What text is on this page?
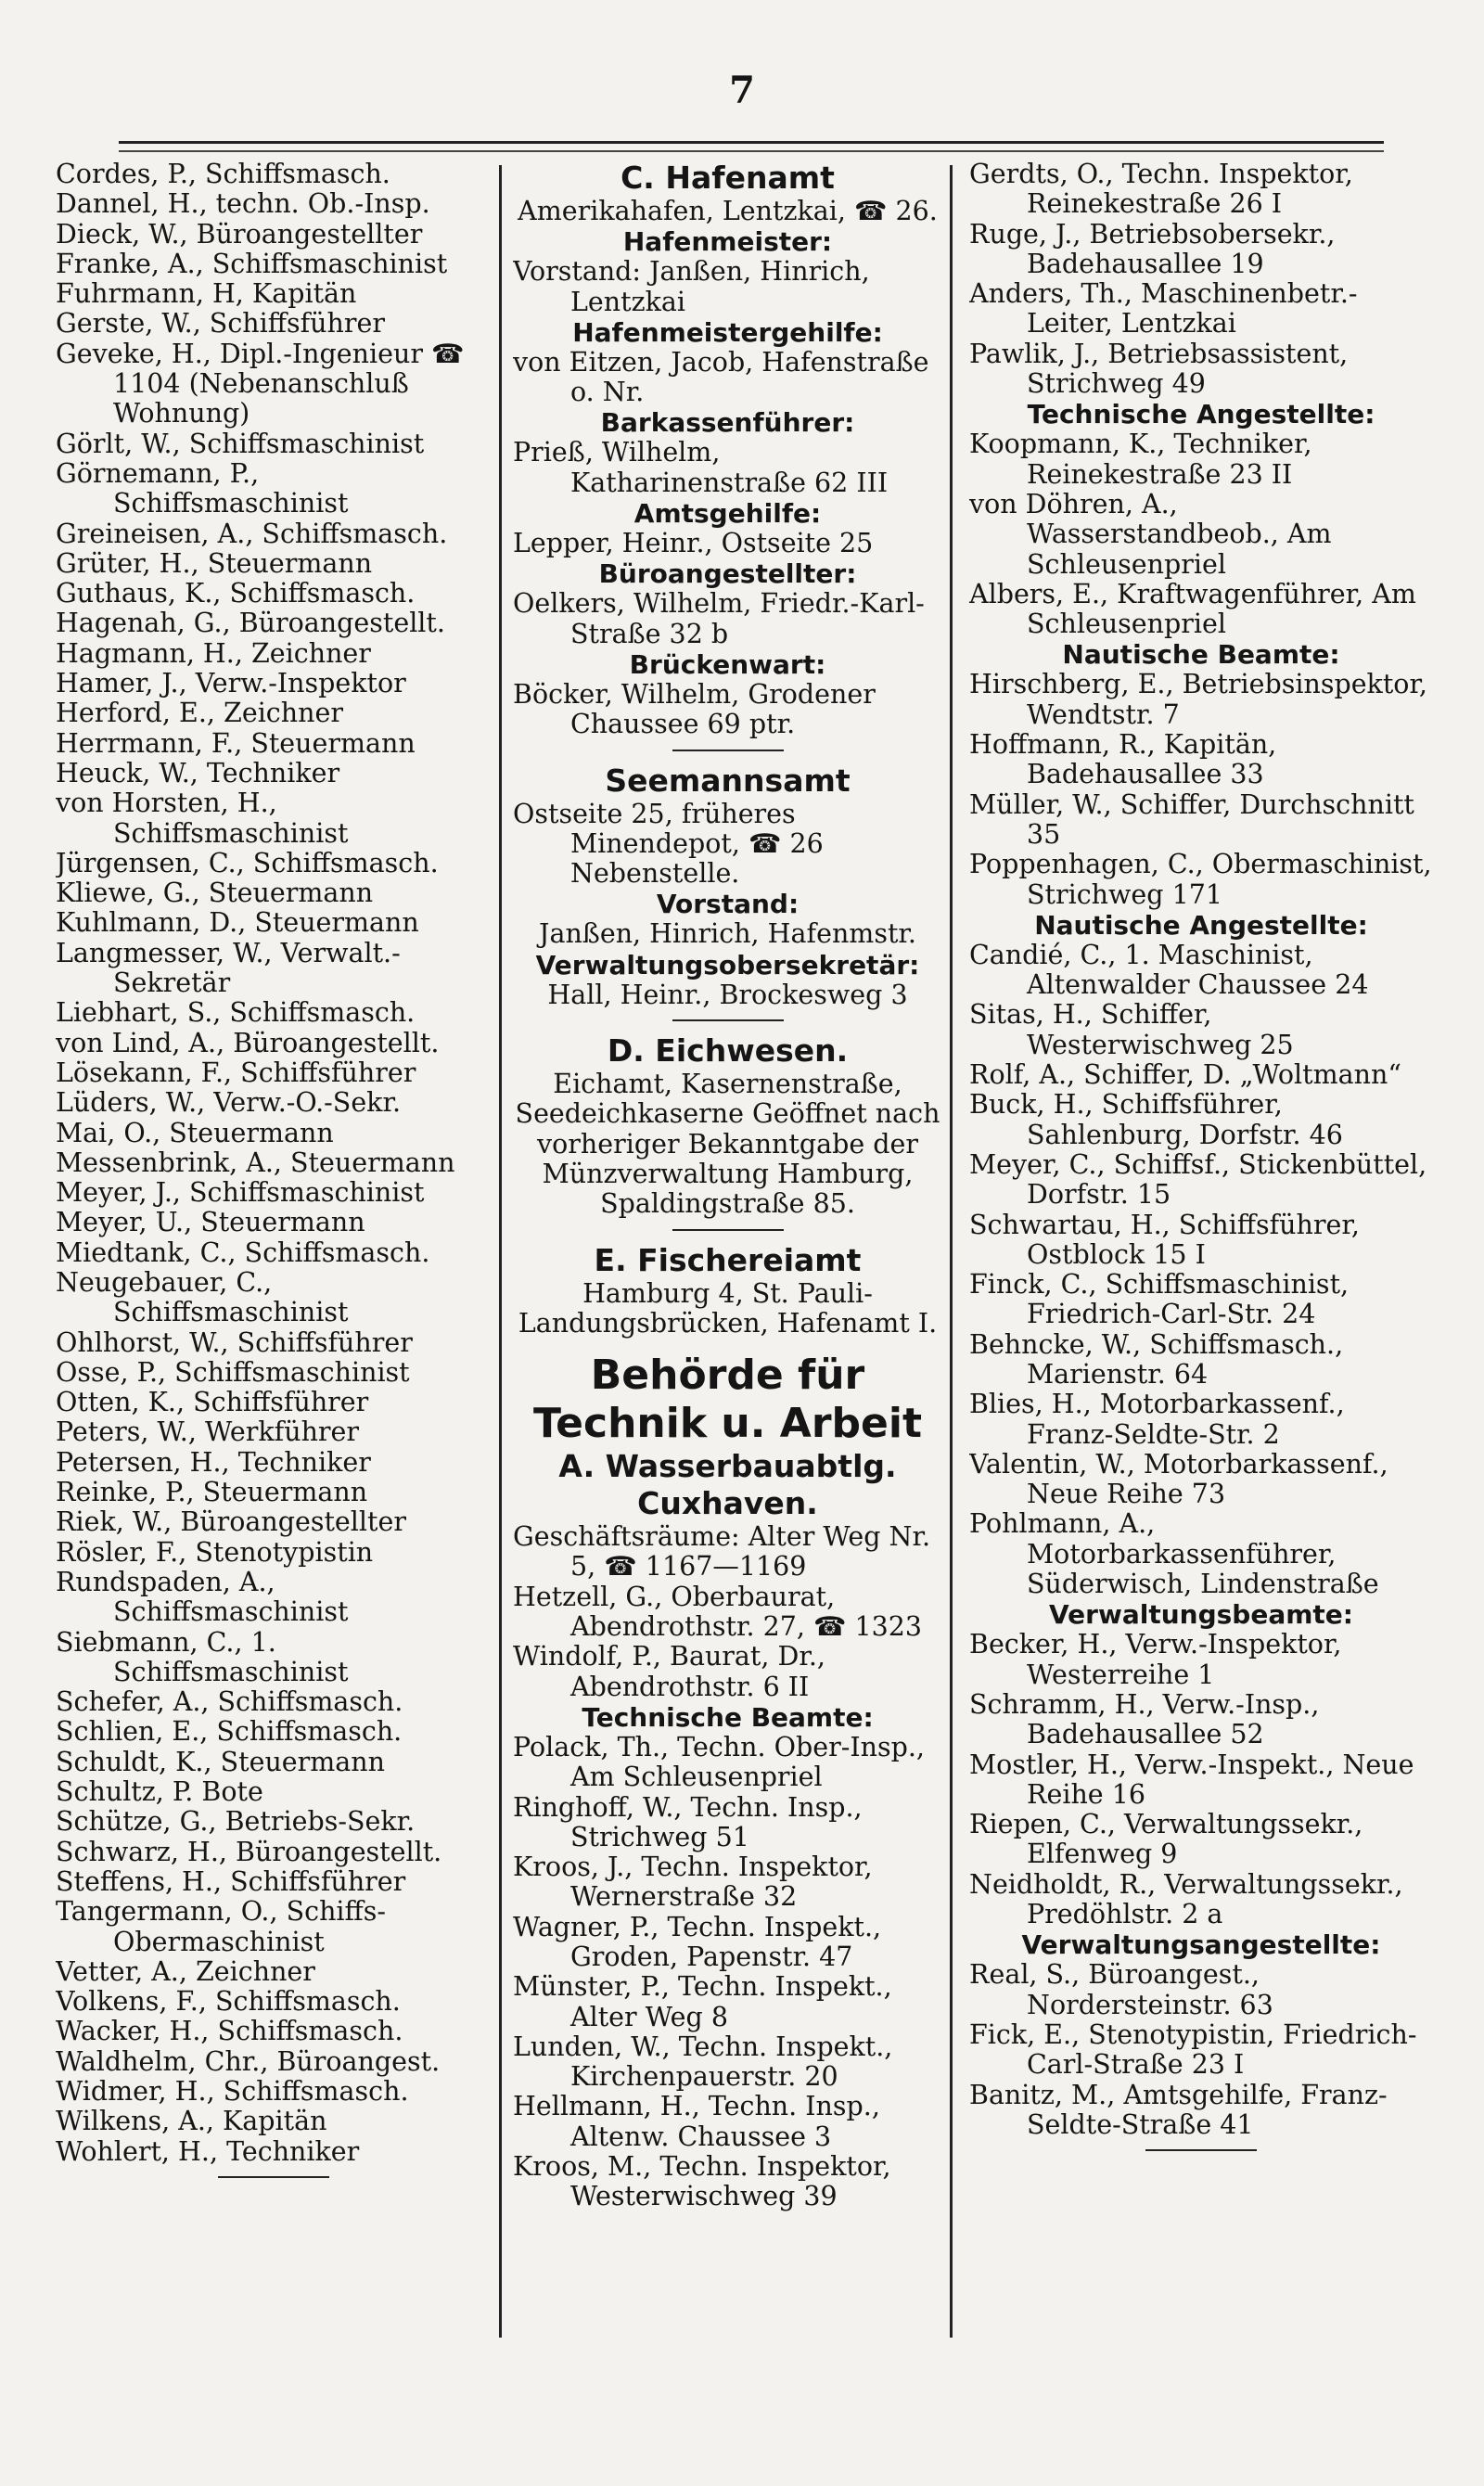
7
Cordes, P., Schiffsmasch.
Dannel, H., techn. Ob.-Insp.
Dieck, W., Büroangestellter
Franke, A., Schiffsmaschinist
Fuhrmann, H, Kapitän
Gerste, W., Schiffsführer
Geveke, H., Dipl.-Ingenieur ☎ 1104 (Nebenanschluß Wohnung)
Görlt, W., Schiffsmaschinist
Görnemann, P., Schiffsmaschinist
Greineisen, A., Schiffsmasch.
Grüter, H., Steuermann
Guthaus, K., Schiffsmasch.
Hagenah, G., Büroangestellt.
Hagmann, H., Zeichner
Hamer, J., Verw.-Inspektor
Herford, E., Zeichner
Herrmann, F., Steuermann
Heuck, W., Techniker
von Horsten, H., Schiffsmaschinist
Jürgensen, C., Schiffsmasch.
Kliewe, G., Steuermann
Kuhlmann, D., Steuermann
Langmesser, W., Verwalt.-Sekretär
Liebhart, S., Schiffsmasch.
von Lind, A., Büroangestellt.
Lösekann, F., Schiffsführer
Lüders, W., Verw.-O.-Sekr.
Mai, O., Steuermann
Messenbrink, A., Steuermann
Meyer, J., Schiffsmaschinist
Meyer, U., Steuermann
Miedtank, C., Schiffsmasch.
Neugebauer, C., Schiffsmaschinist
Ohlhorst, W., Schiffsführer
Osse, P., Schiffsmaschinist
Otten, K., Schiffsführer
Peters, W., Werkführer
Petersen, H., Techniker
Reinke, P., Steuermann
Riek, W., Büroangestellter
Rösler, F., Stenotypistin
Rundspaden, A., Schiffsmaschinist
Siebmann, C., 1. Schiffsmaschinist
Schefer, A., Schiffsmasch.
Schlien, E., Schiffsmasch.
Schuldt, K., Steuermann
Schultz, P. Bote
Schütze, G., Betriebs-Sekr.
Schwarz, H., Büroangestellt.
Steffens, H., Schiffsführer
Tangermann, O., Schiffs-Obermaschinist
Vetter, A., Zeichner
Volkens, F., Schiffsmasch.
Wacker, H., Schiffsmasch.
Waldhelm, Chr., Büroangest.
Widmer, H., Schiffsmasch.
Wilkens, A., Kapitän
Wohlert, H., Techniker
C. Hafenamt
Amerikahafen, Lentzkai, ☎ 26.
Hafenmeister:
Vorstand: Janßen, Hinrich, Lentzkai
Hafenmeistergehilfe:
von Eitzen, Jacob, Hafenstraße o. Nr.
Barkassenführer:
Prieß, Wilhelm, Katharinenstraße 62 III
Amtsgehilfe:
Lepper, Heinr., Ostseite 25
Büroangestellter:
Oelkers, Wilhelm, Friedr.-Karl-Straße 32 b
Brückenwart:
Böcker, Wilhelm, Grodener Chaussee 69 ptr.
Seemannsamt
Ostseite 25, früheres Minendepot, ☎ 26 Nebenstelle.
Vorstand:
Janßen, Hinrich, Hafenmstr.
Verwaltungsobersekretär:
Hall, Heinr., Brockesweg 3
D. Eichwesen.
Eichamt, Kasernenstraße, Seedeichkaserne Geöffnet nach vorheriger Bekanntgabe der Münzverwaltung Hamburg, Spaldingstraße 85.
E. Fischereiamt
Hamburg 4, St. Pauli-Landungsbrücken, Hafenamt I.
Behörde für
Technik u. Arbeit
A. Wasserbauabtlg. Cuxhaven.
Geschäftsräume: Alter Weg Nr. 5, ☎ 1167—1169
Hetzell, G., Oberbaurat, Abendrothstr. 27, ☎ 1323
Windolf, P., Baurat, Dr., Abendrothstr. 6 II
Technische Beamte:
Polack, Th., Techn. Ober-Insp., Am Schleusenpriel
Ringhoff, W., Techn. Insp., Strichweg 51
Kroos, J., Techn. Inspektor, Wernerstraße 32
Wagner, P., Techn. Inspekt., Groden, Papenstr. 47
Münster, P., Techn. Inspekt., Alter Weg 8
Lunden, W., Techn. Inspekt., Kirchenpauerstr. 20
Hellmann, H., Techn. Insp., Altenw. Chaussee 3
Kroos, M., Techn. Inspektor, Westerwischweg 39
Gerdts, O., Techn. Inspektor, Reinekestraße 26 I
Ruge, J., Betriebsobersekr., Badehausallee 19
Anders, Th., Maschinenbetr.-Leiter, Lentzkai
Pawlik, J., Betriebsassistent, Strichweg 49
Technische Angestellte:
Koopmann, K., Techniker, Reinekestraße 23 II
von Döhren, A., Wasserstandbeob., Am Schleusenpriel
Albers, E., Kraftwagenführer, Am Schleusenpriel
Nautische Beamte:
Hirschberg, E., Betriebsinspektor, Wendtstr. 7
Hoffmann, R., Kapitän, Badehausallee 33
Müller, W., Schiffer, Durchschnitt 35
Poppenhagen, C., Obermaschinist, Strichweg 171
Nautische Angestellte:
Candié, C., 1. Maschinist, Altenwalder Chaussee 24
Sitas, H., Schiffer, Westerwischweg 25
Rolf, A., Schiffer, D. „Woltmann“
Buck, H., Schiffsführer, Sahlenburg, Dorfstr. 46
Meyer, C., Schiffsf., Stickenbüttel, Dorfstr. 15
Schwartau, H., Schiffsführer, Ostblock 15 I
Finck, C., Schiffsmaschinist, Friedrich-Carl-Str. 24
Behncke, W., Schiffsmasch., Marienstr. 64
Blies, H., Motorbarkassenf., Franz-Seldte-Str. 2
Valentin, W., Motorbarkassenf., Neue Reihe 73
Pohlmann, A., Motorbarkassenführer, Süderwisch, Lindenstraße
Verwaltungsbeamte:
Becker, H., Verw.-Inspektor, Westerreihe 1
Schramm, H., Verw.-Insp., Badehausallee 52
Mostler, H., Verw.-Inspekt., Neue Reihe 16
Riepen, C., Verwaltungssekr., Elfenweg 9
Neidholdt, R., Verwaltungssekr., Predöhlstr. 2 a
Verwaltungsangestellte:
Real, S., Büroangest., Nordersteinstr. 63
Fick, E., Stenotypistin, Friedrich-Carl-Straße 23 I
Banitz, M., Amtsgehilfe, Franz-Seldte-Straße 41
